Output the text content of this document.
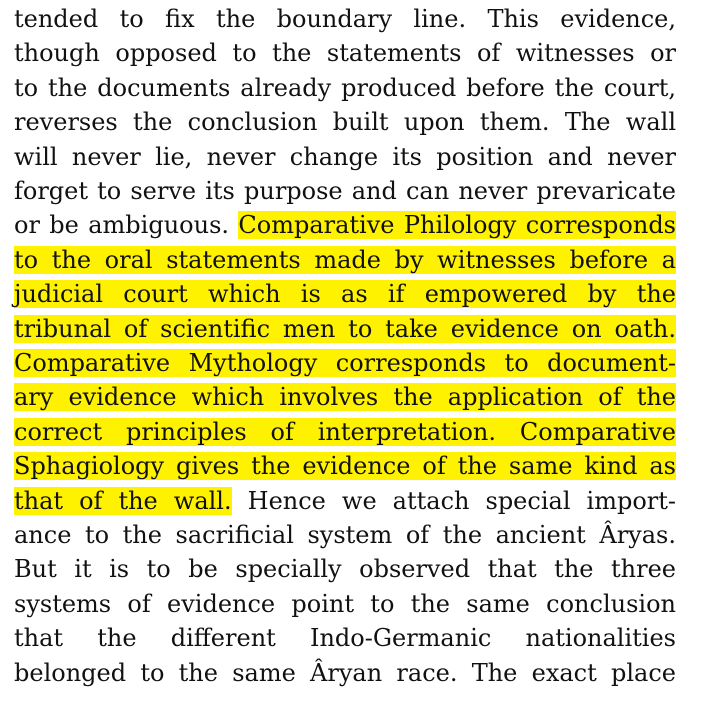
tended to fix the boundary line. This evidence,
though opposed to the statements of witnesses or
to the documents already produced before the court,
reverses the conclusion built upon them. The wall
will never lie, never change its position and never
forget to serve its purpose and can never prevaricate
or be ambiguous. Comparative Philology corresponds
to the oral statements made by witnesses before a
judicial court which is as if empowered by the
tribunal of scientific men to take evidence on oath.
Comparative Mythology corresponds to document-
ary evidence which involves the application of the
correct principles of interpretation. Comparative
Sphagiology gives the evidence of the same kind as
that of the wall. Hence we attach special import-
ance to the sacrificial system of the ancient Âryas.
But it is to be specially observed that the three
systems of evidence point to the same conclusion
that the different Indo-Germanic nationalities
belonged to the same Âryan race. The exact place
